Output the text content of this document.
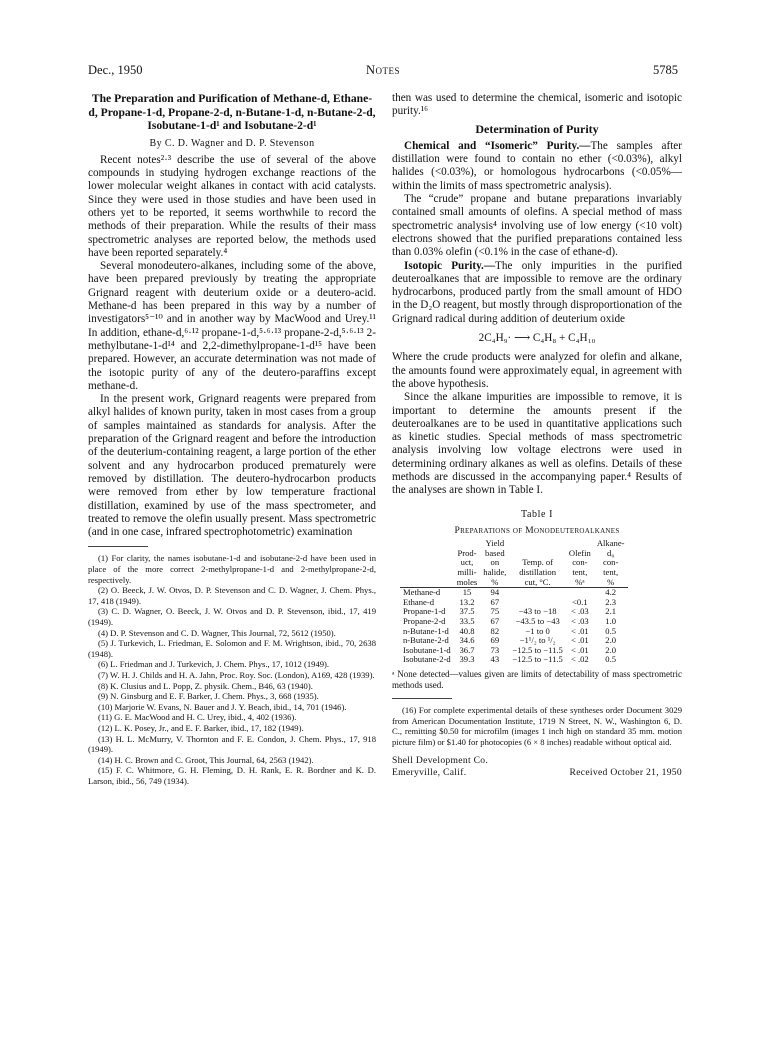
Dec., 1950	Notes	5785

The Preparation and Purification of Methane-d, Ethane-d, Propane-1-d, Propane-2-d, n-Butane-1-d, n-Butane-2-d, Isobutane-1-d¹ and Isobutane-2-d¹

By C. D. Wagner and D. P. Stevenson

Recent notes²·³ describe the use of several of the above compounds in studying hydrogen exchange reactions of the lower molecular weight alkanes in contact with acid catalysts. Since they were used in those studies and have been used in others yet to be reported, it seems worthwhile to record the methods of their preparation. While the results of their mass spectrometric analyses are reported below, the methods used have been reported separately.⁴

Several monodeutero-alkanes, including some of the above, have been prepared previously by treating the appropriate Grignard reagent with deuterium oxide or a deutero-acid. Methane-d has been prepared in this way by a number of investigators⁵⁻¹⁰ and in another way by MacWood and Urey.¹¹ In addition, ethane-d,⁶·¹² propane-1-d,⁵·⁶·¹³ propane-2-d,⁵·⁶·¹³ 2-methylbutane-1-d¹⁴ and 2,2-dimethylpropane-1-d¹⁵ have been prepared. However, an accurate determination was not made of the isotopic purity of any of the deutero-paraffins except methane-d.

In the present work, Grignard reagents were prepared from alkyl halides of known purity, taken in most cases from a group of samples maintained as standards for analysis. After the preparation of the Grignard reagent and before the introduction of the deuterium-containing reagent, a large portion of the ether solvent and any hydrocarbon produced prematurely were removed by distillation. The deutero-hydrocarbon products were removed from ether by low temperature fractional distillation, examined by use of the mass spectrometer, and treated to remove the olefin usually present. Mass spectrometric (and in one case, infrared spectrophotometric) examination

(1) For clarity, the names isobutane-1-d and isobutane-2-d have been used in place of the more correct 2-methylpropane-1-d and 2-methylpropane-2-d, respectively.

(2) O. Beeck, J. W. Otvos, D. P. Stevenson and C. D. Wagner, J. Chem. Phys., 17, 418 (1949).

(3) C. D. Wagner, O. Beeck, J. W. Otvos and D. P. Stevenson, ibid., 17, 419 (1949).

(4) D. P. Stevenson and C. D. Wagner, This Journal, 72, 5612 (1950).

(5) J. Turkevich, L. Friedman, E. Solomon and F. M. Wrightson, ibid., 70, 2638 (1948).

(6) L. Friedman and J. Turkevich, J. Chem. Phys., 17, 1012 (1949).

(7) W. H. J. Childs and H. A. Jahn, Proc. Roy. Soc. (London), A169, 428 (1939).

(8) K. Clusius and L. Popp, Z. physik. Chem., B46, 63 (1940).

(9) N. Ginsburg and E. F. Barker, J. Chem. Phys., 3, 668 (1935).

(10) Marjorie W. Evans, N. Bauer and J. Y. Beach, ibid., 14, 701 (1946).

(11) G. E. MacWood and H. C. Urey, ibid., 4, 402 (1936).

(12) L. K. Posey, Jr., and E. F. Barker, ibid., 17, 182 (1949).

(13) H. L. McMurry, V. Thornton and F. E. Condon, J. Chem. Phys., 17, 918 (1949).

(14) H. C. Brown and C. Groot, This Journal, 64, 2563 (1942).

(15) F. C. Whitmore, G. H. Fleming, D. H. Rank, E. R. Bordner and K. D. Larson, ibid., 56, 749 (1934).

then was used to determine the chemical, isomeric and isotopic purity.¹⁶

Determination of Purity

Chemical and “Isomeric” Purity.—The samples after distillation were found to contain no ether (<0.03%), alkyl halides (<0.03%), or homologous hydrocarbons (<0.05%—within the limits of mass spectrometric analysis).

The “crude” propane and butane preparations invariably contained small amounts of olefins. A special method of mass spectrometric analysis⁴ involving use of low energy (<10 volt) electrons showed that the purified preparations contained less than 0.03% olefin (<0.1% in the case of ethane-d).

Isotopic Purity.—The only impurities in the purified deuteroalkanes that are impossible to remove are the ordinary hydrocarbons, produced partly from the small amount of HDO in the D₂O reagent, but mostly through disproportionation of the Grignard radical during addition of deuterium oxide

2C₄H₉· ⟶ C₄H₈ + C₄H₁₀

Where the crude products were analyzed for olefin and alkane, the amounts found were approximately equal, in agreement with the above hypothesis.

Since the alkane impurities are impossible to remove, it is important to determine the amounts present if the deuteroalkanes are to be used in quantitative applications such as kinetic studies. Special methods of mass spectrometric analysis involving low voltage electrons were used in determining ordinary alkanes as well as olefins. Details of these methods are discussed in the accompanying paper.⁴ Results of the analyses are shown in Table I.

Table I

Preparations of Monodeuteroalkanes

	Prod-
uct,
milli-
moles	Yield
based
on
halide,
%	Temp. of
distillation
cut, °C.	Olefin
con-
tent,
%ᵃ	Alkane-
d₀
con-
tent,
%
Methane-d	15	94			4.2
Ethane-d	13.2	67		<0.1	2.3
Propane-1-d	37.5	75	−43 to −18	< .03	2.1
Propane-2-d	33.5	67	−43.5 to −43	< .03	1.0
n-Butane-1-d	40.8	82	−1 to 0	< .01	0.5
n-Butane-2-d	34.6	69	−1¹/₂ to ¹/₂	< .01	2.0
Isobutane-1-d	36.7	73	−12.5 to −11.5	< .01	2.0
Isobutane-2-d	39.3	43	−12.5 to −11.5	< .02	0.5

ᵃ None detected—values given are limits of detectability of mass spectrometric methods used.

(16) For complete experimental details of these syntheses order Document 3029 from American Documentation Institute, 1719 N Street, N. W., Washington 6, D. C., remitting $0.50 for microfilm (images 1 inch high on standard 35 mm. motion picture film) or $1.40 for photocopies (6 × 8 inches) readable without optical aid.

Shell Development Co.
Emeryville, Calif.	Received October 21, 1950
